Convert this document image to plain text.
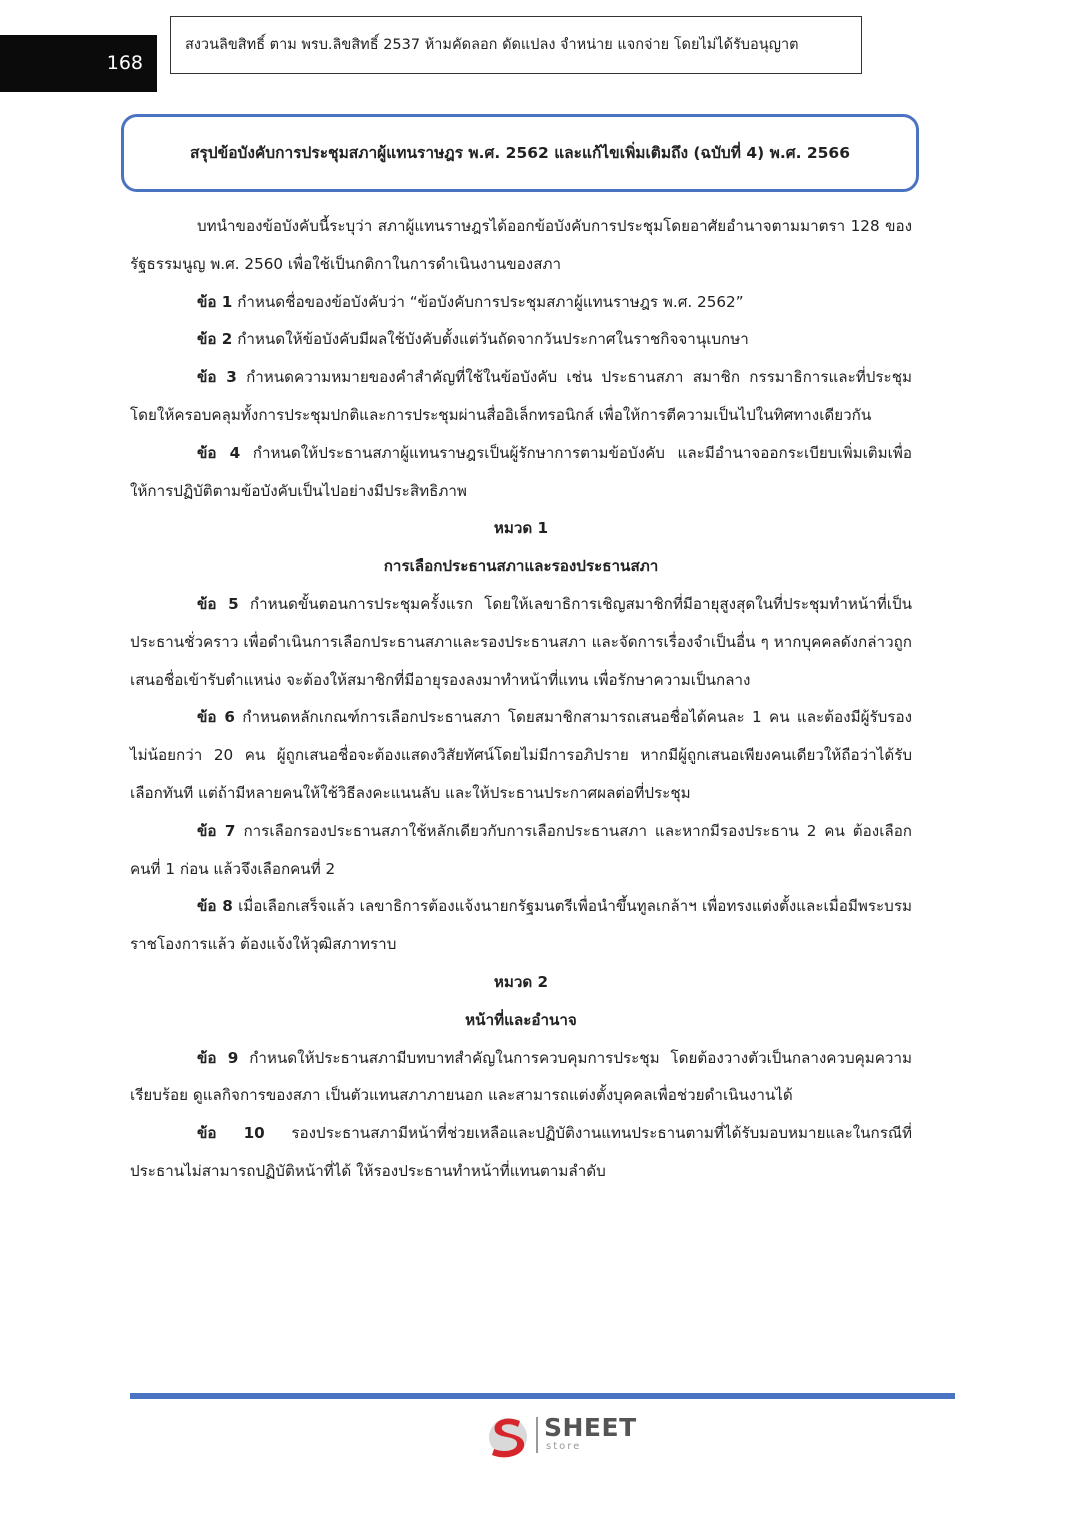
168
สงวนลิขสิทธิ์ ตาม พรบ.ลิขสิทธิ์ 2537 ห้ามคัดลอก ดัดแปลง จำหน่าย แจกจ่าย โดยไม่ได้รับอนุญาต
สรุปข้อบังคับการประชุมสภาผู้แทนราษฎร พ.ศ. 2562 และแก้ไขเพิ่มเติมถึง (ฉบับที่ 4) พ.ศ. 2566

บทนำของข้อบังคับนี้ระบุว่า สภาผู้แทนราษฎรได้ออกข้อบังคับการประชุมโดยอาศัยอำนาจตามมาตรา 128 ของรัฐธรรมนูญ พ.ศ. 2560 เพื่อใช้เป็นกติกาในการดำเนินงานของสภา

ข้อ 1 กำหนดชื่อของข้อบังคับว่า “ข้อบังคับการประชุมสภาผู้แทนราษฎร พ.ศ. 2562”

ข้อ 2 กำหนดให้ข้อบังคับมีผลใช้บังคับตั้งแต่วันถัดจากวันประกาศในราชกิจจานุเบกษา

ข้อ 3 กำหนดความหมายของคำสำคัญที่ใช้ในข้อบังคับ เช่น ประธานสภา สมาชิก กรรมาธิการและที่ประชุม โดยให้ครอบคลุมทั้งการประชุมปกติและการประชุมผ่านสื่ออิเล็กทรอนิกส์ เพื่อให้การตีความเป็นไปในทิศทางเดียวกัน

ข้อ 4 กำหนดให้ประธานสภาผู้แทนราษฎรเป็นผู้รักษาการตามข้อบังคับ และมีอำนาจออกระเบียบเพิ่มเติมเพื่อให้การปฏิบัติตามข้อบังคับเป็นไปอย่างมีประสิทธิภาพ

หมวด 1

การเลือกประธานสภาและรองประธานสภา

ข้อ 5 กำหนดขั้นตอนการประชุมครั้งแรก โดยให้เลขาธิการเชิญสมาชิกที่มีอายุสูงสุดในที่ประชุมทำหน้าที่เป็นประธานชั่วคราว เพื่อดำเนินการเลือกประธานสภาและรองประธานสภา และจัดการเรื่องจำเป็นอื่น ๆ หากบุคคลดังกล่าวถูกเสนอชื่อเข้ารับตำแหน่ง จะต้องให้สมาชิกที่มีอายุรองลงมาทำหน้าที่แทน เพื่อรักษาความเป็นกลาง

ข้อ 6 กำหนดหลักเกณฑ์การเลือกประธานสภา โดยสมาชิกสามารถเสนอชื่อได้คนละ 1 คน และต้องมีผู้รับรองไม่น้อยกว่า 20 คน ผู้ถูกเสนอชื่อจะต้องแสดงวิสัยทัศน์โดยไม่มีการอภิปราย หากมีผู้ถูกเสนอเพียงคนเดียวให้ถือว่าได้รับเลือกทันที แต่ถ้ามีหลายคนให้ใช้วิธีลงคะแนนลับ และให้ประธานประกาศผลต่อที่ประชุม

ข้อ 7 การเลือกรองประธานสภาใช้หลักเดียวกับการเลือกประธานสภา และหากมีรองประธาน 2 คน ต้องเลือกคนที่ 1 ก่อน แล้วจึงเลือกคนที่ 2

ข้อ 8 เมื่อเลือกเสร็จแล้ว เลขาธิการต้องแจ้งนายกรัฐมนตรีเพื่อนำขึ้นทูลเกล้าฯ เพื่อทรงแต่งตั้งและเมื่อมีพระบรมราชโองการแล้ว ต้องแจ้งให้วุฒิสภาทราบ

หมวด 2

หน้าที่และอำนาจ

ข้อ 9 กำหนดให้ประธานสภามีบทบาทสำคัญในการควบคุมการประชุม โดยต้องวางตัวเป็นกลางควบคุมความเรียบร้อย ดูแลกิจการของสภา เป็นตัวแทนสภาภายนอก และสามารถแต่งตั้งบุคคลเพื่อช่วยดำเนินงานได้

ข้อ 10 รองประธานสภามีหน้าที่ช่วยเหลือและปฏิบัติงานแทนประธานตามที่ได้รับมอบหมายและในกรณีที่ประธานไม่สามารถปฏิบัติหน้าที่ได้ ให้รองประธานทำหน้าที่แทนตามลำดับ

SHEET
store
